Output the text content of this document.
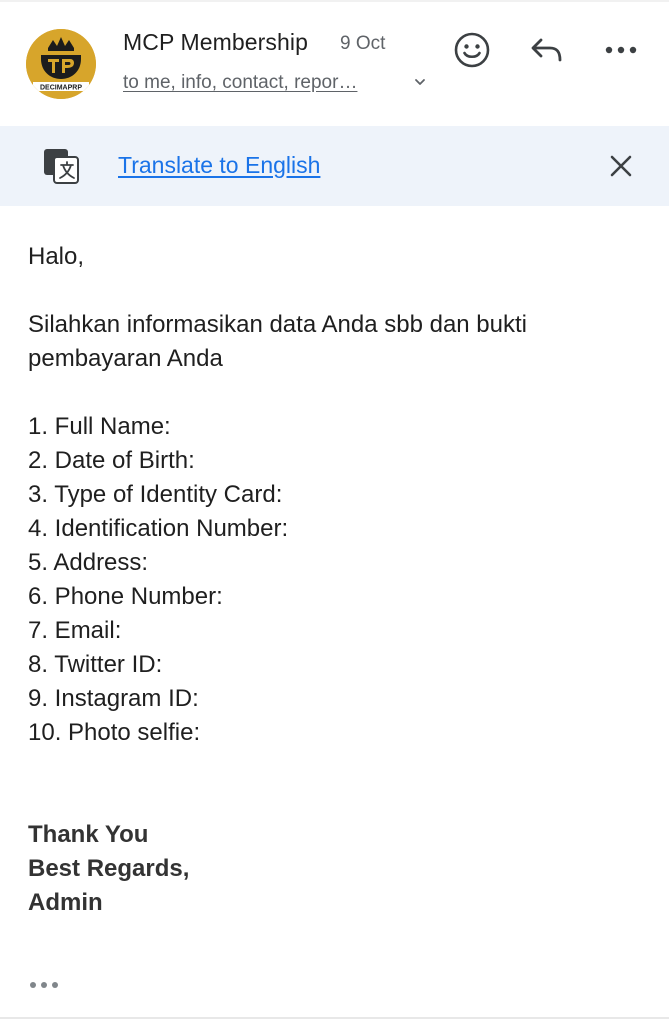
DECIMAPRP
MCP Membership 9 Oct
to me, info, contact, repor…
G Translate to English

Halo,

Silahkan informasikan data Anda sbb dan bukti pembayaran Anda

1. Full Name:
2. Date of Birth:
3. Type of Identity Card:
4. Identification Number:
5. Address:
6. Phone Number:
7. Email:
8. Twitter ID:
9. Instagram ID:
10. Photo selfie:
Thank You
Best Regards,
Admin
